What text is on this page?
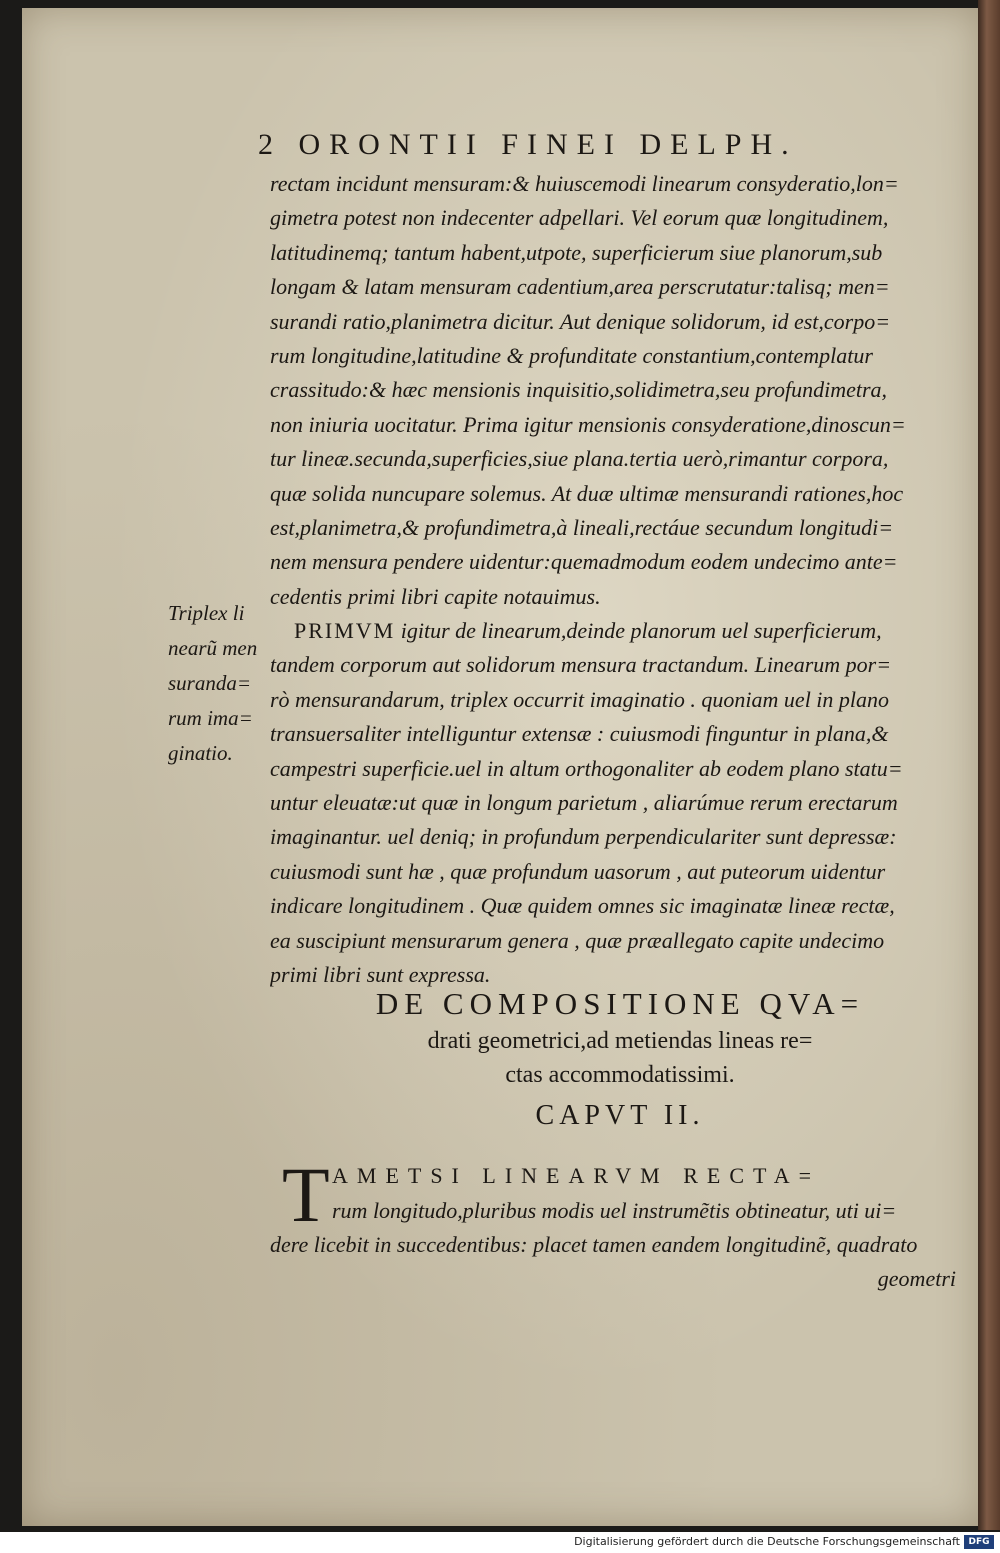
2 ORONTII FINEI DELPH.
rectam incidunt mensuram:& huiuscemodi linearum consyderatio,lon=
gimetra potest non indecenter adpellari. Vel eorum quæ longitudinem,
latitudinemq; tantum habent,utpote, superficierum siue planorum,sub
longam & latam mensuram cadentium,area perscrutatur:talisq; men=
surandi ratio,planimetra dicitur. Aut denique solidorum, id est,corpo=
rum longitudine,latitudine & profunditate constantium,contemplatur
crassitudo:& hæc mensionis inquisitio,solidimetra,seu profundimetra,
non iniuria uocitatur. Prima igitur mensionis consyderatione,dinoscun=
tur lineæ.secunda,superficies,siue plana.tertia uerò,rimantur corpora,
quæ solida nuncupare solemus. At duæ ultimæ mensurandi rationes,hoc
est,planimetra,& profundimetra,à lineali,rectáue secundum longitudi=
nem mensura pendere uidentur:quemadmodum eodem undecimo ante=
cedentis primi libri capite notauimus.
PRIMVM igitur de linearum,deinde planorum uel superficierum,
tandem corporum aut solidorum mensura tractandum. Linearum por=
rò mensurandarum, triplex occurrit imaginatio . quoniam uel in plano
transuersaliter intelliguntur extensæ : cuiusmodi finguntur in plana,&
campestri superficie.uel in altum orthogonaliter ab eodem plano statu=
untur eleuatæ:ut quæ in longum parietum , aliarúmue rerum erectarum
imaginantur. uel deniq; in profundum perpendiculariter sunt depressæ:
cuiusmodi sunt hæ , quæ profundum uasorum , aut puteorum uidentur
indicare longitudinem . Quæ quidem omnes sic imaginatæ lineæ rectæ,
ea suscipiunt mensurarum genera , quæ præallegato capite undecimo
primi libri sunt expressa.
Triplex li
nearũ men
suranda=
rum ima=
ginatio.
DE COMPOSITIONE QVA=
drati geometrici,ad metiendas lineas re=
ctas accommodatissimi.
CAPVT II.
T AMETSI LINEARVM RECTA=
rum longitudo,pluribus modis uel instrumẽtis obtineatur, uti ui=
dere licebit in succedentibus: placet tamen eandem longitudinẽ, quadrato
geometri
Digitalisierung gefördert durch die Deutsche Forschungsgemeinschaft DFG
